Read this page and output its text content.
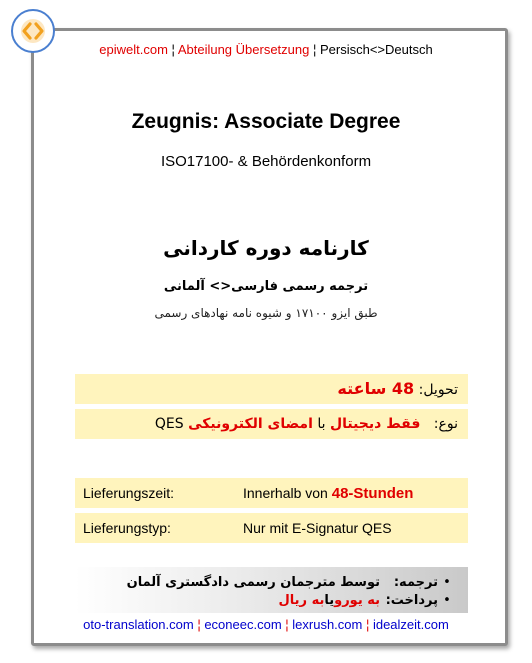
epiwelt.com ¦ Abteilung Übersetzung ¦ Persisch<>Deutsch
Zeugnis: Associate Degree
ISO17100- & Behördenkonform
کارنامه دوره کاردانی
ترجمه رسمی فارسی<> آلمانی
طبق ایزو ۱۷۱۰۰ و شیوه نامه نهادهای رسمی
تحویل: 48 ساعته
نوع:   فقط دیجیتال با امضای الکترونیکی QES
Lieferungszeit:	Innerhalb von 48-Stunden
Lieferungstyp:	Nur mit E-Signatur QES
•
ترجمه:
توسط مترجمان رسمی دادگستری آلمان
•
پرداخت:
به یورو
یا
به ریال
oto-translation.com ¦ econeec.com ¦ lexrush.com ¦ idealzeit.com
